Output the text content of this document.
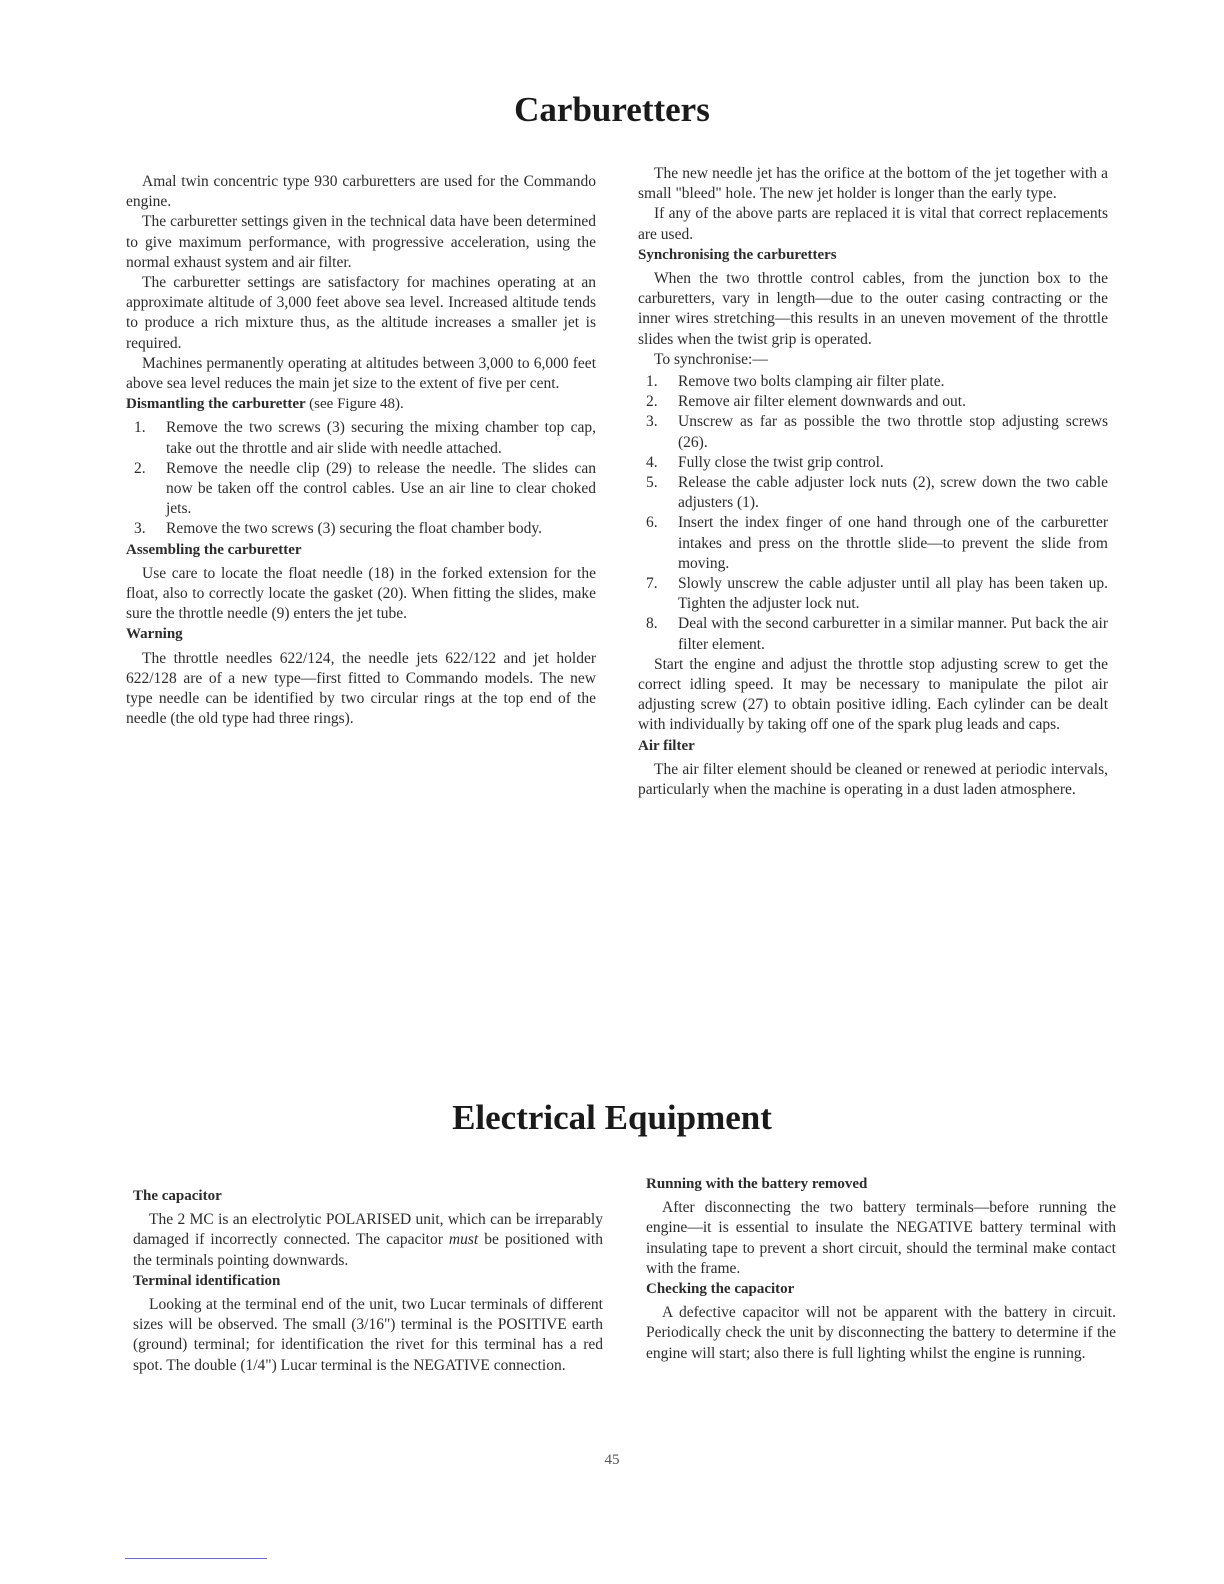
Carburetters

Amal twin concentric type 930 carburetters are used for the Commando engine.

The carburetter settings given in the technical data have been determined to give maximum performance, with progressive acceleration, using the normal exhaust system and air filter.

The carburetter settings are satisfactory for machines operating at an approximate altitude of 3,000 feet above sea level. Increased altitude tends to produce a rich mixture thus, as the altitude increases a smaller jet is required.

Machines permanently operating at altitudes between 3,000 to 6,000 feet above sea level reduces the main jet size to the extent of five per cent.

Dismantling the carburetter (see Figure 48).
1. Remove the two screws (3) securing the mixing chamber top cap, take out the throttle and air slide with needle attached.
2. Remove the needle clip (29) to release the needle. The slides can now be taken off the control cables. Use an air line to clear choked jets.
3. Remove the two screws (3) securing the float chamber body.
Assembling the carburetter

Use care to locate the float needle (18) in the forked extension for the float, also to correctly locate the gasket (20). When fitting the slides, make sure the throttle needle (9) enters the jet tube.

Warning

The throttle needles 622/124, the needle jets 622/122 and jet holder 622/128 are of a new type—first fitted to Commando models. The new type needle can be identified by two circular rings at the top end of the needle (the old type had three rings).

The new needle jet has the orifice at the bottom of the jet together with a small "bleed" hole. The new jet holder is longer than the early type.

If any of the above parts are replaced it is vital that correct replacements are used.

Synchronising the carburetters

When the two throttle control cables, from the junction box to the carburetters, vary in length—due to the outer casing contracting or the inner wires stretching—this results in an uneven movement of the throttle slides when the twist grip is operated.

To synchronise:—

1. Remove two bolts clamping air filter plate.
2. Remove air filter element downwards and out.
3. Unscrew as far as possible the two throttle stop adjusting screws (26).
4. Fully close the twist grip control.
5. Release the cable adjuster lock nuts (2), screw down the two cable adjusters (1).
6. Insert the index finger of one hand through one of the carburetter intakes and press on the throttle slide—to prevent the slide from moving.
7. Slowly unscrew the cable adjuster until all play has been taken up. Tighten the adjuster lock nut.
8. Deal with the second carburetter in a similar manner. Put back the air filter element.

Start the engine and adjust the throttle stop adjusting screw to get the correct idling speed. It may be necessary to manipulate the pilot air adjusting screw (27) to obtain positive idling. Each cylinder can be dealt with individually by taking off one of the spark plug leads and caps.

Air filter

The air filter element should be cleaned or renewed at periodic intervals, particularly when the machine is operating in a dust laden atmosphere.

Electrical Equipment
The capacitor

The 2 MC is an electrolytic POLARISED unit, which can be irreparably damaged if incorrectly connected. The capacitor must be positioned with the terminals pointing downwards.

Terminal identification

Looking at the terminal end of the unit, two Lucar terminals of different sizes will be observed. The small (3/16") terminal is the POSITIVE earth (ground) terminal; for identification the rivet for this terminal has a red spot. The double (1/4") Lucar terminal is the NEGATIVE connection.

Running with the battery removed

After disconnecting the two battery terminals—before running the engine—it is essential to insulate the NEGATIVE battery terminal with insulating tape to prevent a short circuit, should the terminal make contact with the frame.

Checking the capacitor

A defective capacitor will not be apparent with the battery in circuit. Periodically check the unit by disconnecting the battery to determine if the engine will start; also there is full lighting whilst the engine is running.

45
